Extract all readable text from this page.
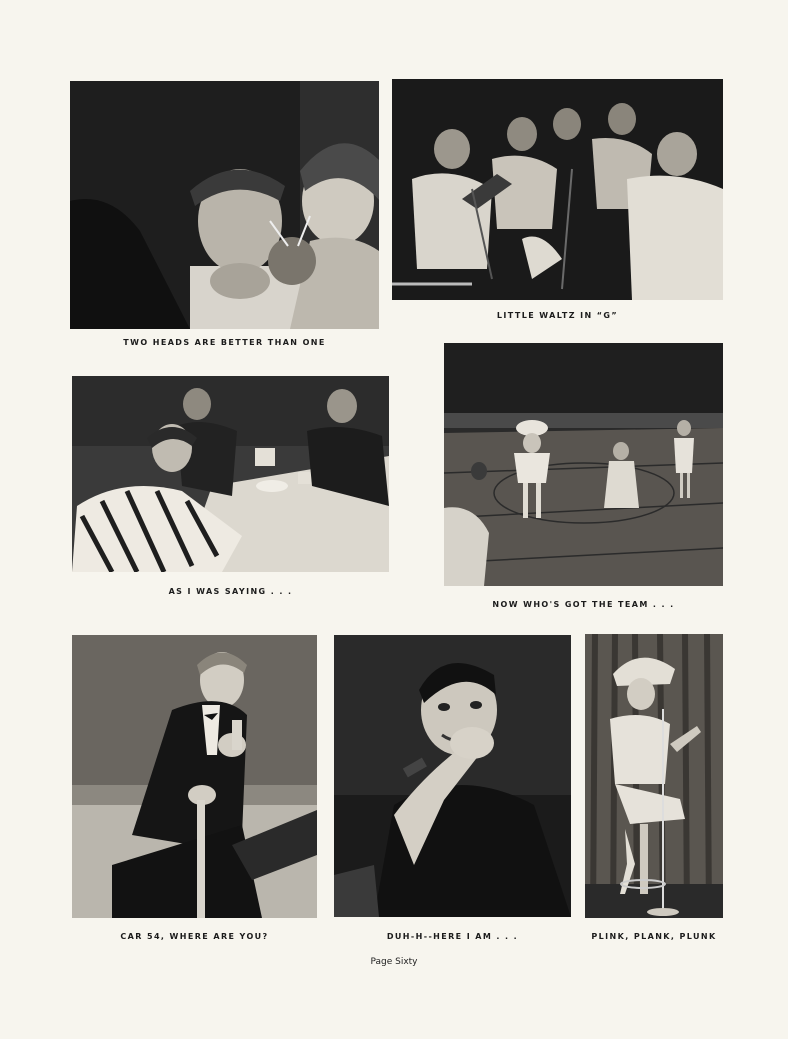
TWO HEADS ARE BETTER THAN ONE
LITTLE WALTZ IN “G”
AS I WAS SAYING . . .
NOW WHO'S GOT THE TEAM . . .
CAR 54, WHERE ARE YOU?	DUH-H--HERE I AM . . .	PLINK, PLANK, PLUNK
Page Sixty
